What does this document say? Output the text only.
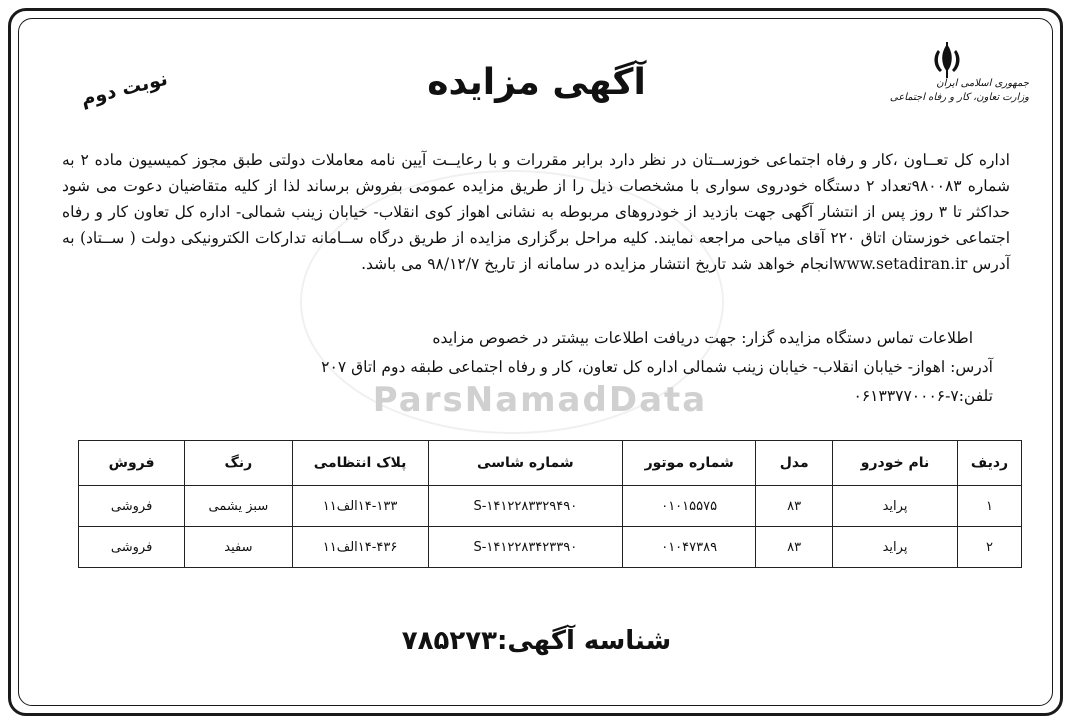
جمهوری اسلامی ایران
وزارت تعاون، کار و رفاه اجتماعی
آگهی مزایده
نوبت دوم
اداره کل تعــاون ،کار و رفاه اجتماعی خوزســتان در نظر دارد برابر مقررات و با رعایــت آیین نامه معاملات دولتی طبق مجوز کمیسیون ماده ۲ به شماره ۹۸۰۰۸۳تعداد ۲ دستگاه خودروی سواری با مشخصات ذیل را از طریق مزایده عمومی بفروش برساند لذا از کلیه متقاضیان دعوت می شود حداکثر تا ۳ روز پس از انتشار آگهی جهت بازدید از خودروهای مربوطه به نشانی اهواز کوی انقلاب- خیابان زینب شمالی- اداره کل تعاون کار و رفاه اجتماعی خوزستان اتاق ۲۲۰ آقای میاحی مراجعه نمایند. کلیه مراحل برگزاری مزایده از طریق درگاه ســامانه تدارکات الکترونیکی دولت ( ســتاد) به آدرس www.setadiran.irانجام خواهد شد تاریخ انتشار مزایده در سامانه از تاریخ ۹۸/۱۲/۷ می باشد.
اطلاعات تماس دستگاه مزایده گزار: جهت دریافت اطلاعات بیشتر در خصوص مزایده
آدرس: اهواز- خیابان انقلاب- خیابان زینب شمالی اداره کل تعاون، کار و رفاه اجتماعی طبقه دوم اتاق ۲۰۷
تلفن:۷-۰۶۱۳۳۷۷۰۰۰۶
ParsNamadData
ردیف	نام خودرو	مدل	شماره موتور	شماره شاسی	پلاک انتظامی	رنگ	فروش
۱	پراید	۸۳	۰۱۰۱۵۵۷۵	S-۱۴۱۲۲۸۳۳۲۹۴۹۰	۱۴-۱۳۳الف۱۱	سبز یشمی	فروشی
۲	پراید	۸۳	۰۱۰۴۷۳۸۹	S-۱۴۱۲۲۸۳۴۲۳۳۹۰	۱۴-۴۳۶الف۱۱	سفید	فروشی
شناسه آگهی:۷۸۵۲۷۳
